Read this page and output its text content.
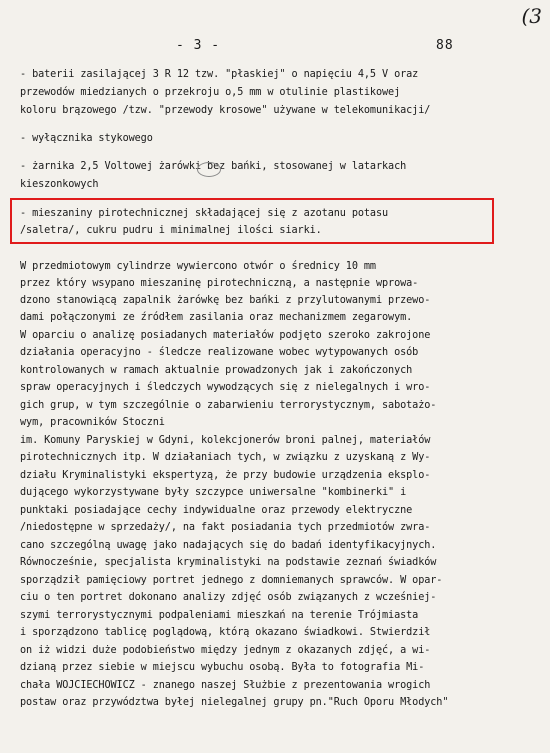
- 3 -	88
(3
- baterii zasilającej 3 R 12 tzw. "płaskiej" o napięciu 4,5 V oraz
przewodów miedzianych o przekroju o,5 mm w otulinie plastikowej
koloru brązowego /tzw. "przewody krosowe" używane w telekomunikacji/
- wyłącznika stykowego
- żarnika 2,5 Voltowej żarówki bez bańki, stosowanej w latarkach
kieszonkowych
- mieszaniny pirotechnicznej składającej się z azotanu potasu
/saletra/, cukru pudru i minimalnej ilości siarki.
W przedmiotowym cylindrze wywiercono otwór o średnicy 10 mm
przez który wsypano mieszaninę pirotechniczną, a następnie wprowa-
dzono stanowiącą zapalnik żarówkę bez bańki z przylutowanymi przewo-
dami połączonymi ze źródłem zasilania oraz mechanizmem zegarowym.
W oparciu o analizę posiadanych materiałów podjęto szeroko zakrojone
działania operacyjno - śledcze realizowane wobec wytypowanych osób
kontrolowanych w ramach aktualnie prowadzonych jak i zakończonych
spraw operacyjnych i śledczych wywodzących się z nielegalnych i wro-
gich grup, w tym szczególnie o zabarwieniu terrorystycznym, sabotażo-
wym, pracowników Stoczni
im. Komuny Paryskiej w Gdyni, kolekcjonerów broni palnej, materiałów
pirotechnicznych itp. W działaniach tych, w związku z uzyskaną z Wy-
działu Kryminalistyki ekspertyzą, że przy budowie urządzenia eksplo-
dującego wykorzystywane były szczypce uniwersalne "kombinerki" i
punktaki posiadające cechy indywidualne oraz przewody elektryczne
/niedostępne w sprzedaży/, na fakt posiadania tych przedmiotów zwra-
cano szczególną uwagę jako nadających się do badań identyfikacyjnych.
Równocześnie, specjalista kryminalistyki na podstawie zeznań świadków
sporządził pamięciowy portret jednego z domniemanych sprawców. W opar-
ciu o ten portret dokonano analizy zdjęć osób związanych z wcześniej-
szymi terrorystycznymi podpaleniami mieszkań na terenie Trójmiasta
i sporządzono tablicę poglądową, którą okazano świadkowi. Stwierdził
on iż widzi duże podobieństwo między jednym z okazanych zdjęć, a wi-
dzianą przez siebie w miejscu wybuchu osobą. Była to fotografia Mi-
chała WOJCIECHOWICZ - znanego naszej Służbie z prezentowania wrogich
postaw oraz przywództwa byłej nielegalnej grupy pn."Ruch Oporu Młodych"
